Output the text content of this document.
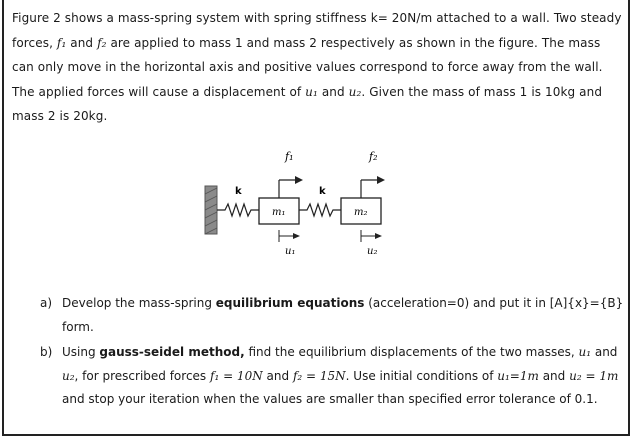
Figure 2 shows a mass-spring system with spring stiffness k= 20N/m attached to a wall. Two steady forces, f₁ and f₂ are applied to mass 1 and mass 2 respectively as shown in the figure. The mass can only move in the horizontal axis and positive values correspond to force away from the wall. The applied forces will cause a displacement of u₁ and u₂. Given the mass of mass 1 is 10kg and mass 2 is 20kg.

k
m₁
f₁
k
m₂
f₂
u₁	u₂
a) Develop the mass-spring equilibrium equations (acceleration=0) and put it in [A]{x}={B} form.
b) Using gauss-seidel method, find the equilibrium displacements of the two masses, u₁ and u₂, for prescribed forces f₁ = 10N and f₂ = 15N. Use initial conditions of u₁=1m and u₂ = 1m and stop your iteration when the values are smaller than specified error tolerance of 0.1.
